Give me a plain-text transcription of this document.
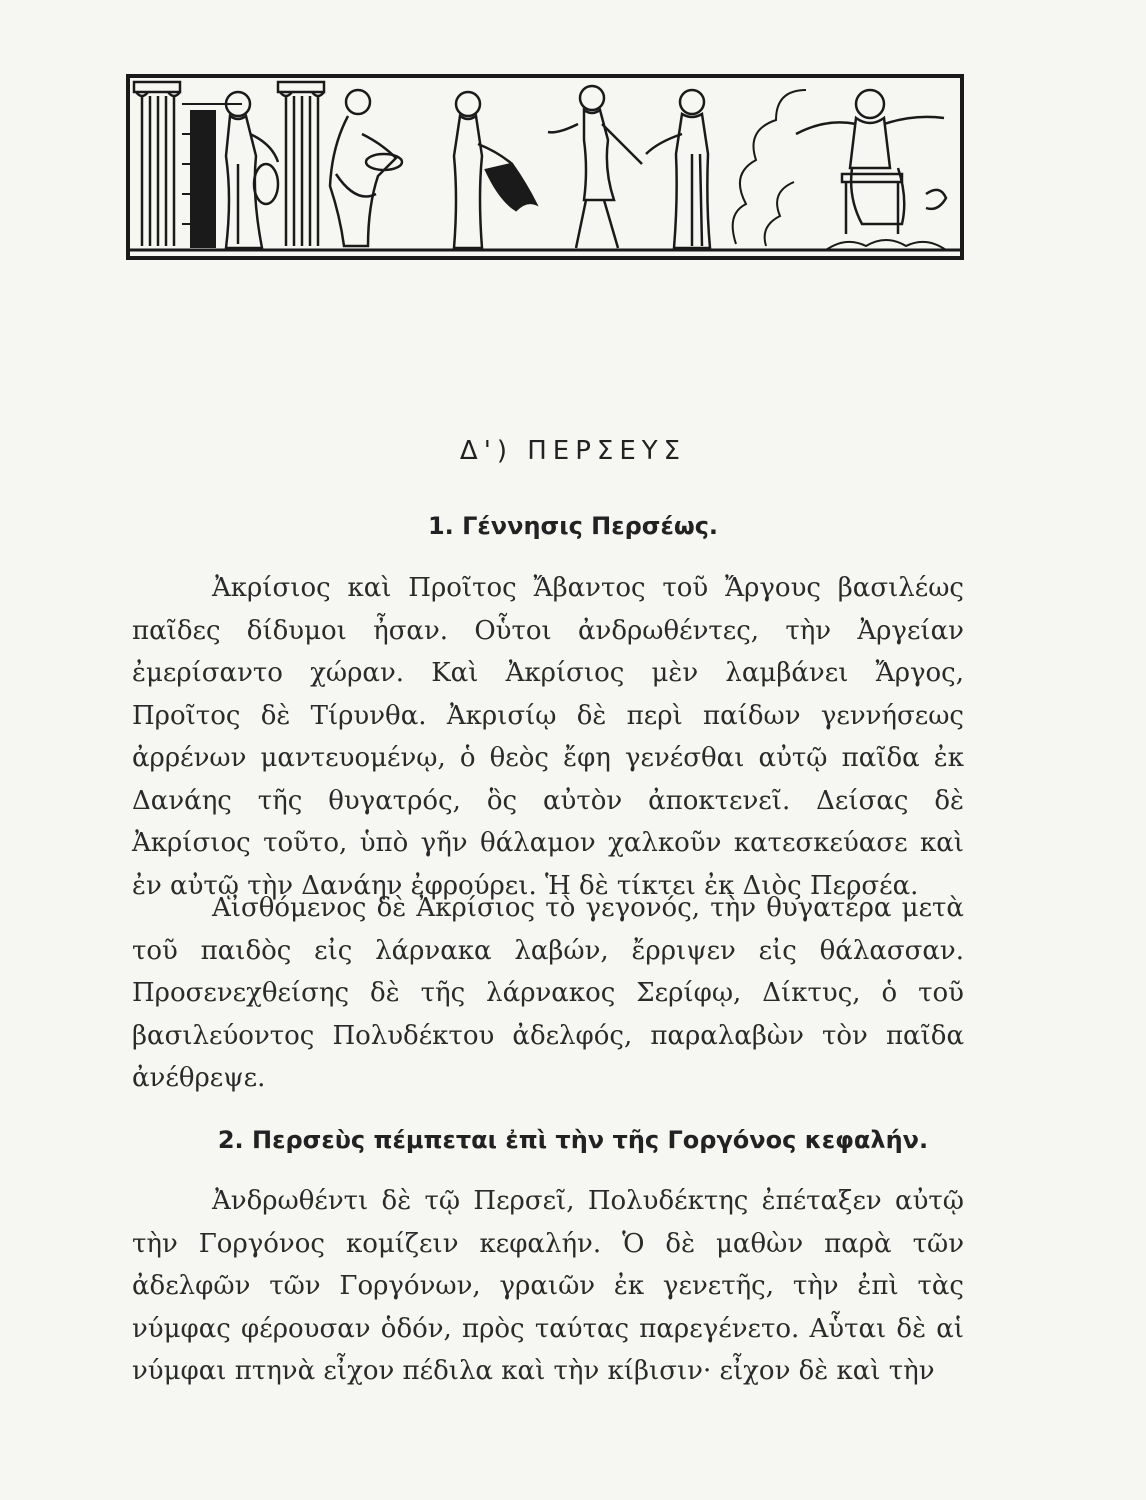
Δ') ΠΕΡΣΕΥΣ
1. Γέννησις Περσέως.

Ἀκρίσιος καὶ Προῖτος Ἄβαντος τοῦ Ἄργους βασιλέως παῖδες δίδυμοι ἦσαν. Οὗτοι ἀνδρωθέντες, τὴν Ἀργείαν ἐμερίσαντο χώραν. Καὶ Ἀκρίσιος μὲν λαμβάνει Ἄργος, Προῖτος δὲ Τίρυνθα. Ἀκρισίῳ δὲ περὶ παίδων γεννήσεως ἀρρένων μαντευομένῳ, ὁ θεὸς ἔφη γενέσθαι αὐτῷ παῖδα ἐκ Δανάης τῆς θυγατρός, ὃς αὐτὸν ἀποκτενεῖ. Δείσας δὲ Ἀκρίσιος τοῦτο, ὑπὸ γῆν θάλαμον χαλκοῦν κατεσκεύασε καὶ ἐν αὐτῷ τὴν Δανάην ἐφρούρει. Ἡ δὲ τίκτει ἐκ Διὸς Περσέα.

Αἰσθόμενος δὲ Ἀκρίσιος τὸ γεγονός, τὴν θυγατέρα μετὰ τοῦ παιδὸς εἰς λάρνακα λαβών, ἔρριψεν εἰς θάλασσαν. Προσενεχθείσης δὲ τῆς λάρνακος Σερίφῳ, Δίκτυς, ὁ τοῦ βασιλεύοντος Πολυδέκτου ἀδελφός, παραλαβὼν τὸν παῖδα ἀνέθρεψε.

2. Περσεὺς πέμπεται ἐπὶ τὴν τῆς Γοργόνος κεφαλήν.

Ἀνδρωθέντι δὲ τῷ Περσεῖ, Πολυδέκτης ἐπέταξεν αὐτῷ τὴν Γοργόνος κομίζειν κεφαλήν. Ὁ δὲ μαθὼν παρὰ τῶν ἀδελφῶν τῶν Γοργόνων, γραιῶν ἐκ γενετῆς, τὴν ἐπὶ τὰς νύμφας φέρουσαν ὁδόν, πρὸς ταύτας παρεγένετο. Αὗται δὲ αἱ νύμφαι πτηνὰ εἶχον πέδιλα καὶ τὴν κίβισιν· εἶχον δὲ καὶ τὴν
